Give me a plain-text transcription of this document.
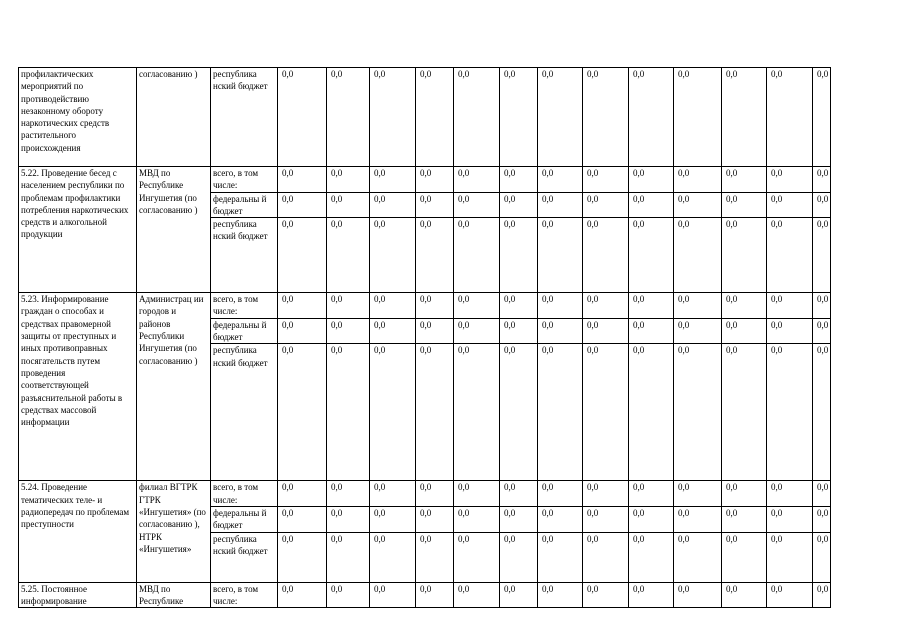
профилактических мероприятий по противодействию незаконному обороту наркотических средств растительного происхождения	согласованию )	республика нский бюджет	0,0	0,0	0,0	0,0	0,0	0,0	0,0	0,0	0,0	0,0	0,0	0,0	0,0
5.22. Проведение бесед с населением республики по проблемам профилактики потребления наркотических средств и алкогольной продукции	МВД по Республике Ингушетия (по согласованию )	всего, в том числе:	0,0	0,0	0,0	0,0	0,0	0,0	0,0	0,0	0,0	0,0	0,0	0,0	0,0
		федеральны й бюджет	0,0	0,0	0,0	0,0	0,0	0,0	0,0	0,0	0,0	0,0	0,0	0,0	0,0
		республика нский бюджет	0,0	0,0	0,0	0,0	0,0	0,0	0,0	0,0	0,0	0,0	0,0	0,0	0,0
5.23. Информирование граждан о способах и средствах правомерной защиты от преступных и иных противоправных посягательств путем проведения соответствующей разъяснительной работы в средствах массовой информации	Администрац ии городов и районов Республики Ингушетия (по согласованию )	всего, в том числе:	0,0	0,0	0,0	0,0	0,0	0,0	0,0	0,0	0,0	0,0	0,0	0,0	0,0
		федеральны й бюджет	0,0	0,0	0,0	0,0	0,0	0,0	0,0	0,0	0,0	0,0	0,0	0,0	0,0
		республика нский бюджет	0,0	0,0	0,0	0,0	0,0	0,0	0,0	0,0	0,0	0,0	0,0	0,0	0,0
5.24. Проведение тематических теле- и радиопередач по проблемам преступности	филиал ВГТРК ГТРК «Ингушетия» (по согласованию ), НТРК «Ингушетия»	всего, в том числе:	0,0	0,0	0,0	0,0	0,0	0,0	0,0	0,0	0,0	0,0	0,0	0,0	0,0
		федеральны й бюджет	0,0	0,0	0,0	0,0	0,0	0,0	0,0	0,0	0,0	0,0	0,0	0,0	0,0
		республика нский бюджет	0,0	0,0	0,0	0,0	0,0	0,0	0,0	0,0	0,0	0,0	0,0	0,0	0,0
5.25. Постоянное информирование	МВД по Республике	всего, в том числе:	0,0	0,0	0,0	0,0	0,0	0,0	0,0	0,0	0,0	0,0	0,0	0,0	0,0
